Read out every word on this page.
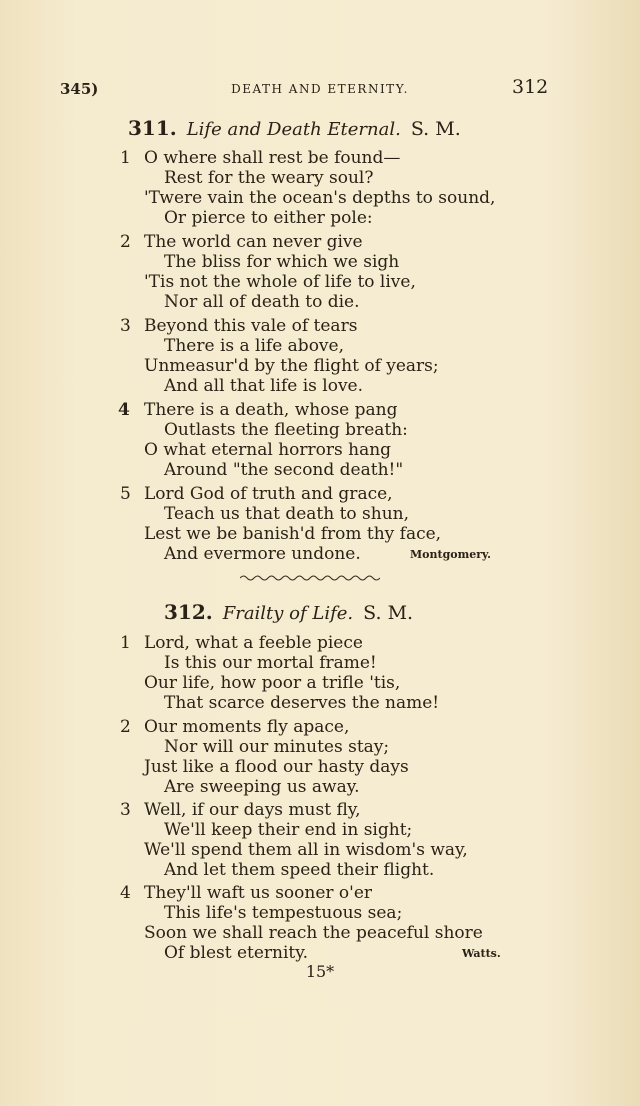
345)	DEATH AND ETERNITY.	312
311. Life and Death Eternal. S. M.
1 O where shall rest be found—
Rest for the weary soul?
'Twere vain the ocean's depths to sound,
Or pierce to either pole:
2 The world can never give
The bliss for which we sigh
'Tis not the whole of life to live,
Nor all of death to die.
3 Beyond this vale of tears
There is a life above,
Unmeasur'd by the flight of years;
And all that life is love.
4 There is a death, whose pang
Outlasts the fleeting breath:
O what eternal horrors hang
Around "the second death!"
5 Lord God of truth and grace,
Teach us that death to shun,
Lest we be banish'd from thy face,
And evermore undone.	Montgomery.
312. Frailty of Life. S. M.
1 Lord, what a feeble piece
Is this our mortal frame!
Our life, how poor a trifle 'tis,
That scarce deserves the name!
2 Our moments fly apace,
Nor will our minutes stay;
Just like a flood our hasty days
Are sweeping us away.
3 Well, if our days must fly,
We'll keep their end in sight;
We'll spend them all in wisdom's way,
And let them speed their flight.
4 They'll waft us sooner o'er
This life's tempestuous sea;
Soon we shall reach the peaceful shore
Of blest eternity.	Watts.
15*
